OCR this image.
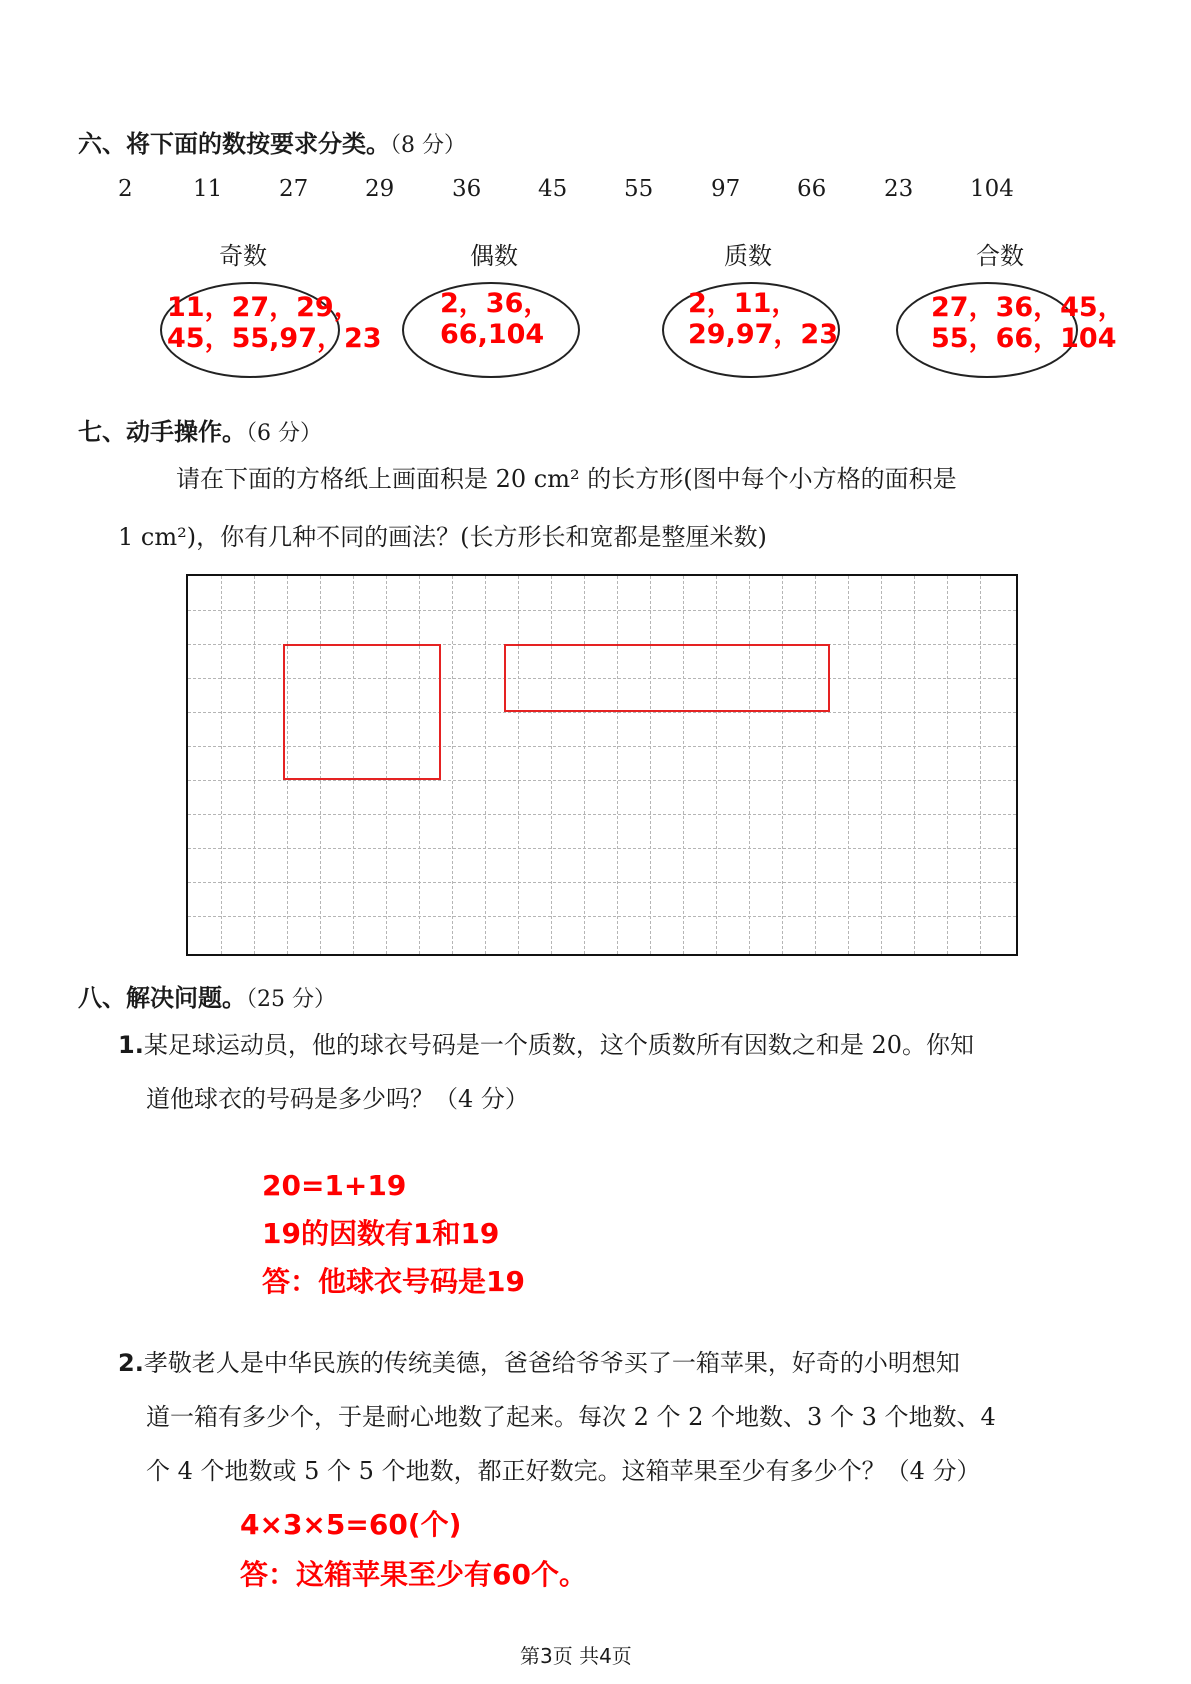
六、将下面的数按要求分类。（8 分）
2	11 27 29	36 45 55	97 66	23 104
奇数	偶数	质数	合数
11，27，29，
45，55,97，23
2，36，
66,104
2，11，
29,97，23
27，36，45，
55，66，104
七、动手操作。（6 分）
请在下面的方格纸上画面积是 20 cm² 的长方形(图中每个小方格的面积是
1 cm²)，你有几种不同的画法？(长方形长和宽都是整厘米数)
八、解决问题。（25 分）
1.某足球运动员，他的球衣号码是一个质数，这个质数所有因数之和是 20。你知
道他球衣的号码是多少吗？（4 分）
20=1+19
19的因数有1和19
答：他球衣号码是19
2.孝敬老人是中华民族的传统美德，爸爸给爷爷买了一箱苹果，好奇的小明想知
道一箱有多少个，于是耐心地数了起来。每次 2 个 2 个地数、3 个 3 个地数、4
个 4 个地数或 5 个 5 个地数，都正好数完。这箱苹果至少有多少个？（4 分）
4×3×5=60(个)
答：这箱苹果至少有60个。
第3页 共4页
